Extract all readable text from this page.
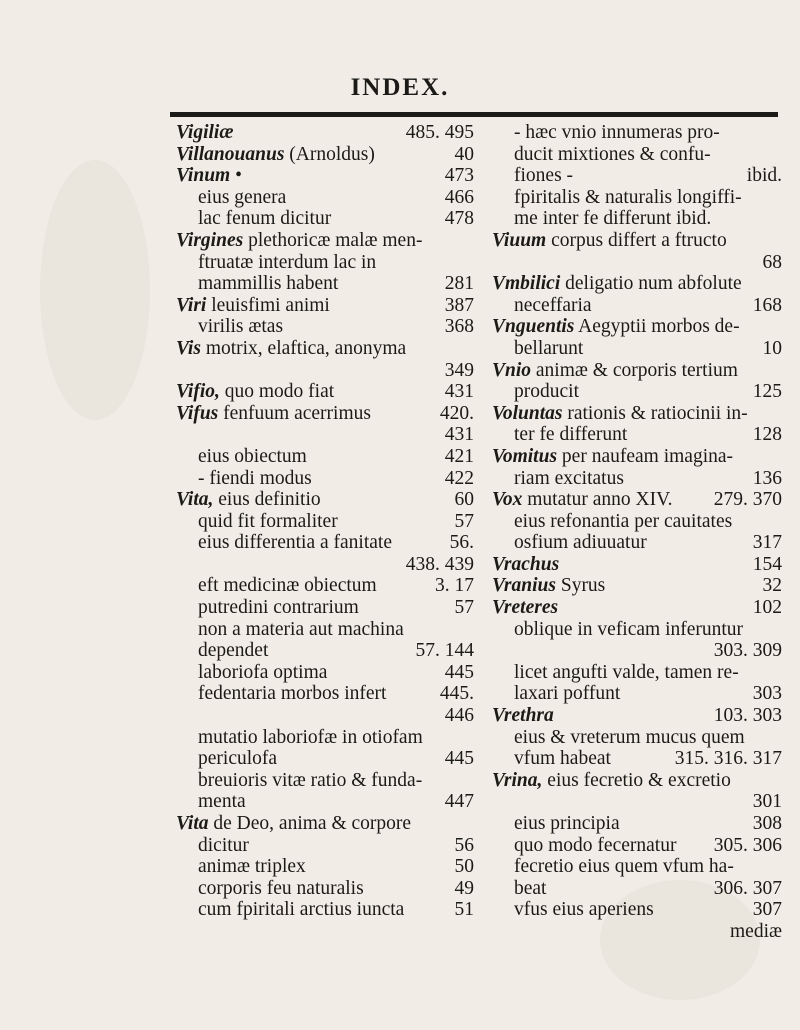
INDEX.
Vigiliæ	485. 495
Villanouanus (Arnoldus)	40
Vinum •	473
eius genera	466
lac fenum dicitur	478
Virgines plethoricæ malæ men-
ftruatæ interdum lac in
mammillis habent	281
Viri leuisfimi animi	387
virilis ætas	368
Vis motrix, elaftica, anonyma
349
Vifio, quo modo fiat	431
Vifus fenfuum acerrimus	420.
431
eius obiectum	421
- fiendi modus	422
Vita, eius definitio	60
quid fit formaliter	57
eius differentia a fanitate	56.
438. 439
eft medicinæ obiectum	3. 17
putredini contrarium	57
non a materia aut machina
dependet	57. 144
laboriofa optima	445
fedentaria morbos infert	445.
446
mutatio laboriofæ in otiofam
periculofa	445
breuioris vitæ ratio & funda-
menta	447
Vita de Deo, anima & corpore
dicitur	56
animæ triplex	50
corporis feu naturalis	49
cum fpiritali arctius iuncta	51
- hæc vnio innumeras pro-
ducit mixtiones & confu-
fiones -	ibid.
fpiritalis & naturalis longiffi-
me inter fe differunt ibid.
Viuum corpus differt a ftructo
68
Vmbilici deligatio num abfolute
neceffaria	168
Vnguentis Aegyptii morbos de-
bellarunt	10
Vnio animæ & corporis tertium
producit	125
Voluntas rationis & ratiocinii in-
ter fe differunt	128
Vomitus per naufeam imagina-
riam excitatus	136
Vox mutatur anno XIV. 279. 370
eius refonantia per cauitates
osfium adiuuatur	317
Vrachus	154
Vranius Syrus	32
Vreteres	102
oblique in veficam inferuntur
303. 309
licet angufti valde, tamen re-
laxari poffunt	303
Vrethra	103. 303
eius & vreterum mucus quem
vfum habeat	315. 316. 317
Vrina, eius fecretio & excretio
301
eius principia	308
quo modo fecernatur 305. 306
fecretio eius quem vfum ha-
beat	306. 307
vfus eius aperiens	307
mediæ
